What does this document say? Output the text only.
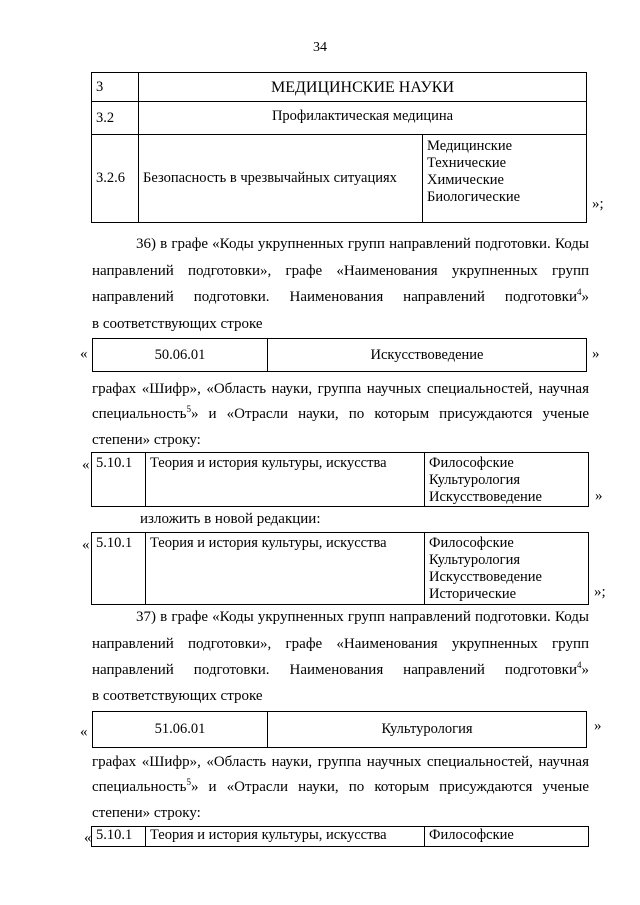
34
3	МЕДИЦИНСКИЕ НАУКИ	
3.2	Профилактическая медицина	
3.2.6	Безопасность в чрезвычайных ситуациях	Медицинские
Технические
Химические
Биологические	»;
36) в графе «Коды укрупненных групп направлений подготовки. Коды
направлений подготовки», графе «Наименования укрупненных групп
направлений подготовки. Наименования направлений подготовки$^4$»
в соответствующих строке
«	50.06.01	Искусствоведение	»
графах «Шифр», «Область науки, группа научных специальностей, научная
специальность$^5$» и «Отрасли науки, по которым присуждаются ученые
степени» строку:
« 5.10.1	Теория и история культуры, искусства	Философские
Культурология
Искусствоведение	»
изложить в новой редакции:
« 5.10.1	Теория и история культуры, искусства	Философские
Культурология
Искусствоведение
Исторические	»;
37) в графе «Коды укрупненных групп направлений подготовки. Коды
направлений подготовки», графе «Наименования укрупненных групп
направлений подготовки. Наименования направлений подготовки$^4$»
в соответствующих строке
«	51.06.01	Культурология	»
графах «Шифр», «Область науки, группа научных специальностей, научная
специальность$^5$» и «Отрасли науки, по которым присуждаются ученые
степени» строку:
« 5.10.1	Теория и история культуры, искусства	Философские
